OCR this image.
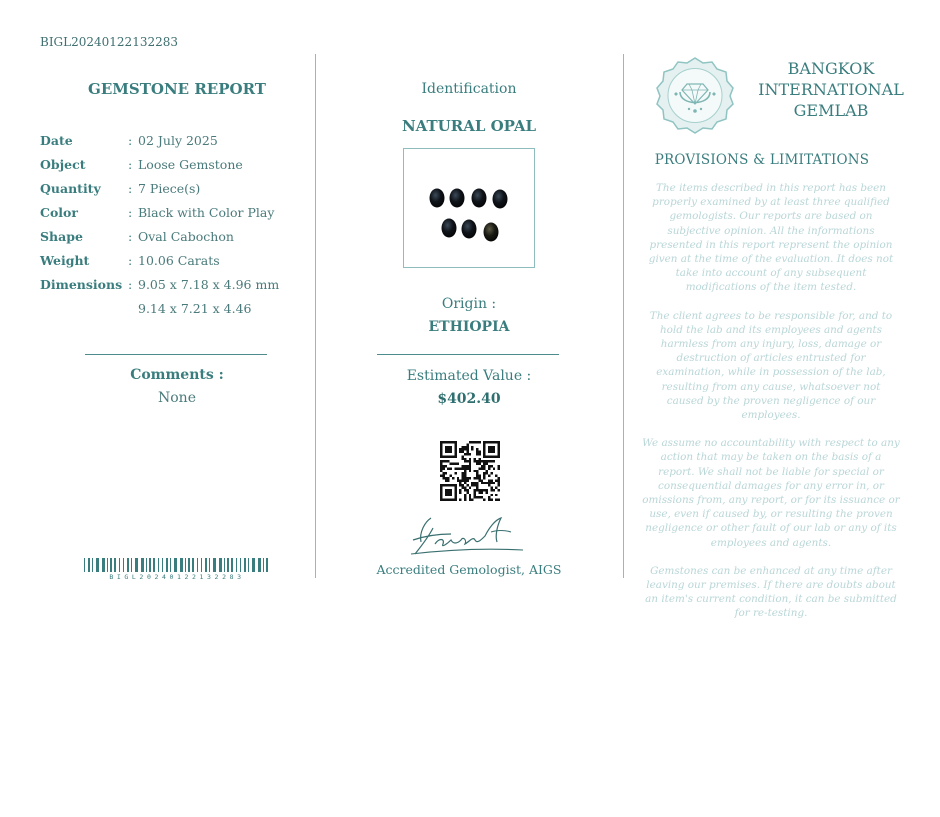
BIGL20240122132283
GEMSTONE REPORT
Date	: 02 July 2025
Object	: Loose Gemstone
Quantity	: 7 Piece(s)
Color	: Black with Color Play
Shape	: Oval Cabochon
Weight	: 10.06 Carats
Dimensions : 9.05 x 7.18 x 4.96 mm
9.14 x 7.21 x 4.46
Comments :
None
BIGL20240122132283
Identification
NATURAL OPAL
Origin :
ETHIOPIA
Estimated Value :
$402.40
Accredited Gemologist, AIGS
BANGKOK
INTERNATIONAL
GEMLAB
PROVISIONS & LIMITATIONS

The items described in this report has been properly examined by at least three qualified gemologists. Our reports are based on subjective opinion. All the informations presented in this report represent the opinion given at the time of the evaluation. It does not take into account of any subsequent modifications of the item tested.

The client agrees to be responsible for, and to hold the lab and its employees and agents harmless from any injury, loss, damage or destruction of articles entrusted for examination, while in possession of the lab, resulting from any cause, whatsoever not caused by the proven negligence of our employees.

We assume no accountability with respect to any action that may be taken on the basis of a report. We shall not be liable for special or consequential damages for any error in, or omissions from, any report, or for its issuance or use, even if caused by, or resulting the proven negligence or other fault of our lab or any of its employees and agents.

Gemstones can be enhanced at any time after leaving our premises. If there are doubts about an item's current condition, it can be submitted for re-testing.
